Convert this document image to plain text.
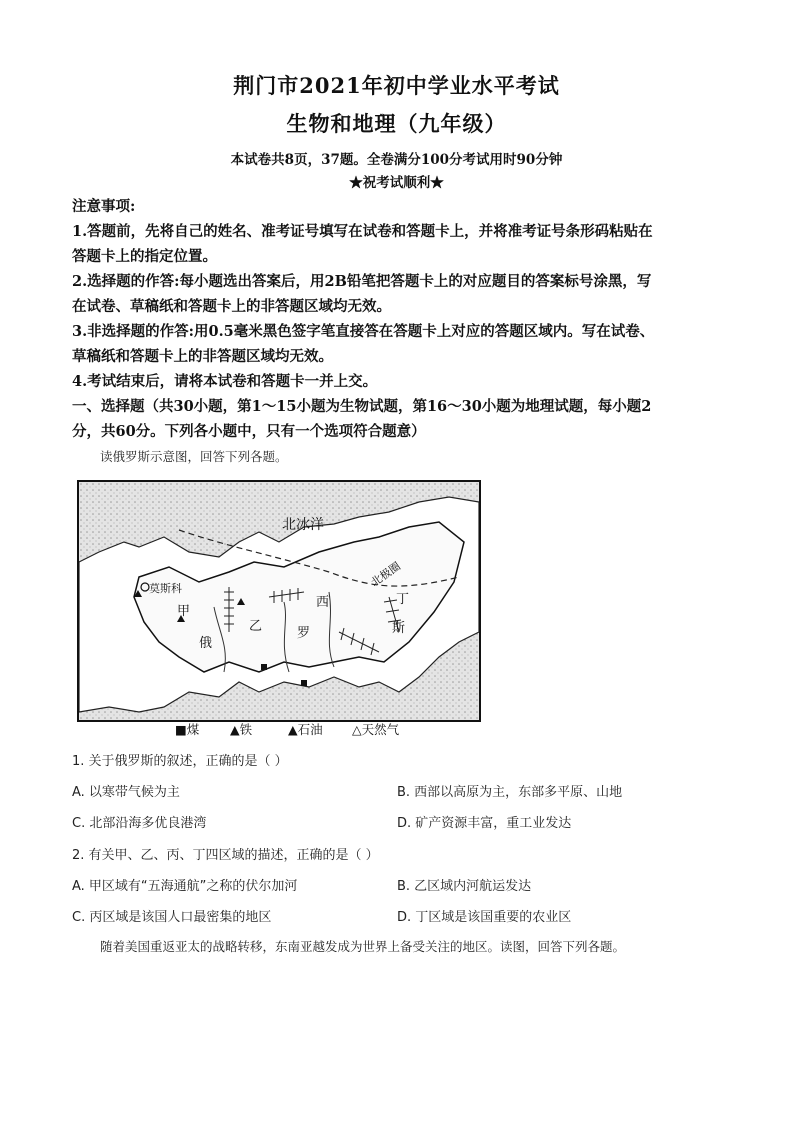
荆门市2021年初中学业水平考试
生物和地理（九年级）
本试卷共8页，37题。全卷满分100分考试用时90分钟
★祝考试顺利★
注意事项:
1.答题前，先将自己的姓名、准考证号填写在试卷和答题卡上，并将准考证号条形码粘贴在
答题卡上的指定位置。
2.选择题的作答:每小题选出答案后，用2B铅笔把答题卡上的对应题目的答案标号涂黑，写
在试卷、草稿纸和答题卡上的非答题区域均无效。
3.非选择题的作答:用0.5毫米黑色签字笔直接答在答题卡上对应的答题区域内。写在试卷、
草稿纸和答题卡上的非答题区域均无效。
4.考试结束后，请将本试卷和答题卡一并上交。
一、选择题（共30小题，第1～15小题为生物试题，第16～30小题为地理试题，每小题2
分，共60分。下列各小题中，只有一个选项符合题意）
读俄罗斯示意图，回答下列各题。
北冰洋
北极圈
莫斯科
甲
俄
乙
西
罗
丁
斯
■煤 ▲铁	▲石油 △天然气
1. 关于俄罗斯的叙述，正确的是（ ）
A. 以寒带气候为主	B. 西部以高原为主，东部多平原、山地
C. 北部沿海多优良港湾	D. 矿产资源丰富，重工业发达
2. 有关甲、乙、丙、丁四区域的描述，正确的是（ ）
A. 甲区域有“五海通航”之称的伏尔加河	B. 乙区域内河航运发达
C. 丙区域是该国人口最密集的地区	D. 丁区域是该国重要的农业区
随着美国重返亚太的战略转移，东南亚越发成为世界上备受关注的地区。读图，回答下列各题。
